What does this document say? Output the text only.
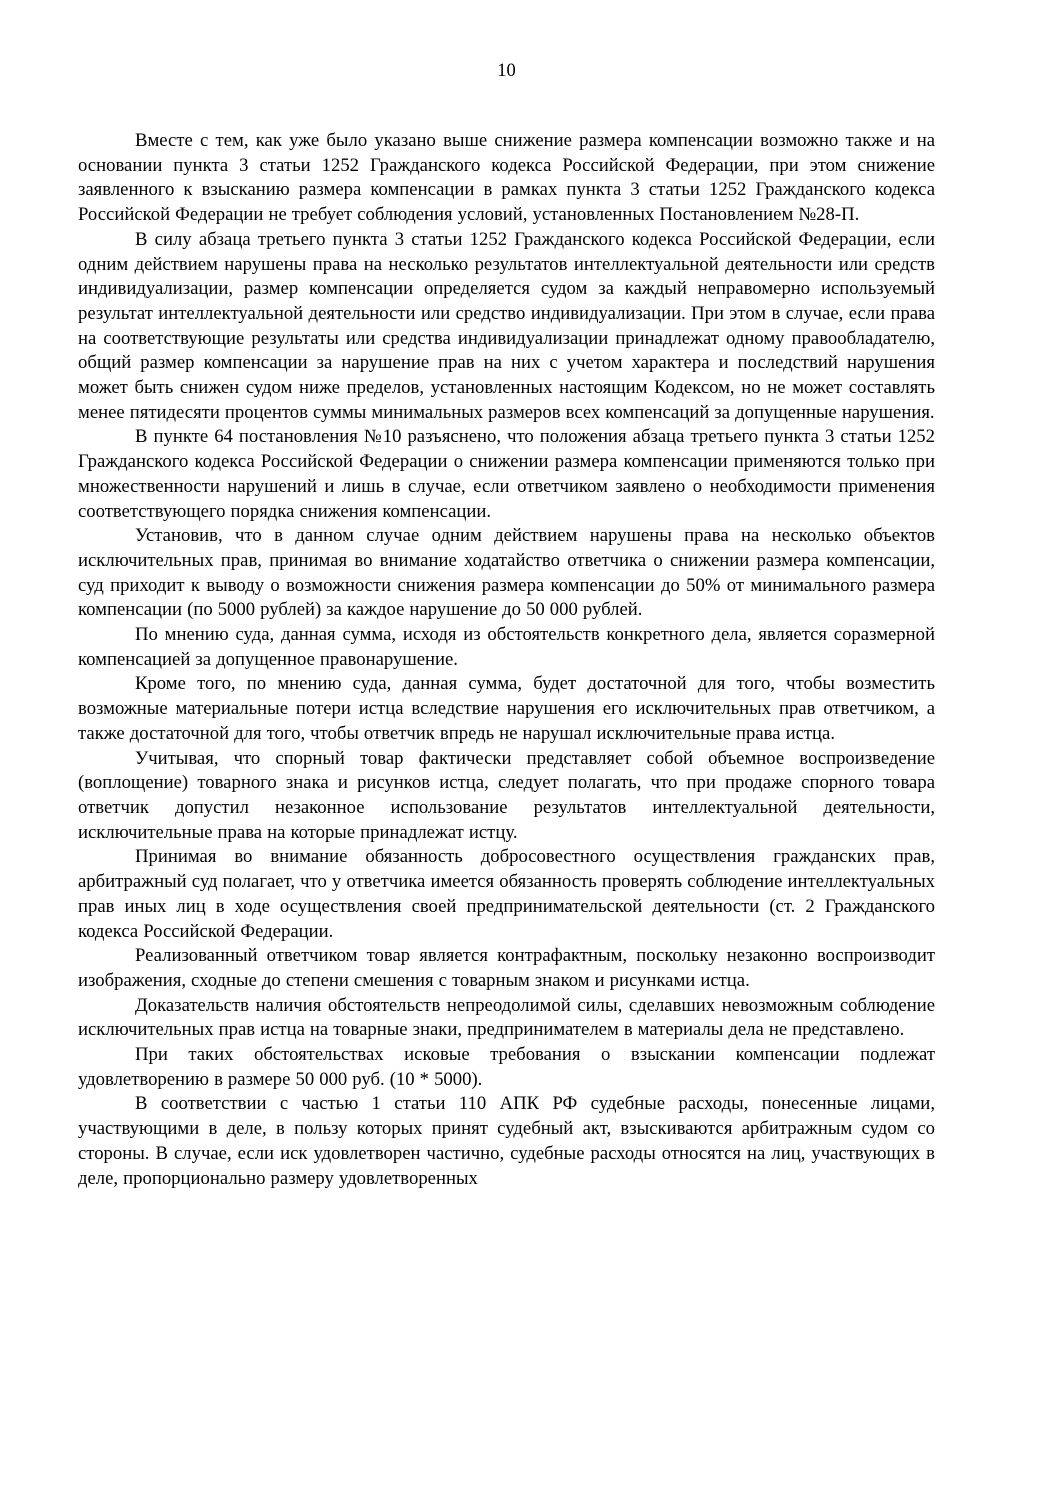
10

Вместе с тем, как уже было указано выше снижение размера компенсации возможно также и на основании пункта 3 статьи 1252 Гражданского кодекса Российской Федерации, при этом снижение заявленного к взысканию размера компенсации в рамках пункта 3 статьи 1252 Гражданского кодекса Российской Федерации не требует соблюдения условий, установленных Постановлением №28-П.

В силу абзаца третьего пункта 3 статьи 1252 Гражданского кодекса Российской Федерации, если одним действием нарушены права на несколько результатов интеллектуальной деятельности или средств индивидуализации, размер компенсации определяется судом за каждый неправомерно используемый результат интеллектуальной деятельности или средство индивидуализации. При этом в случае, если права на соответствующие результаты или средства индивидуализации принадлежат одному правообладателю, общий размер компенсации за нарушение прав на них с учетом характера и последствий нарушения может быть снижен судом ниже пределов, установленных настоящим Кодексом, но не может составлять менее пятидесяти процентов суммы минимальных размеров всех компенсаций за допущенные нарушения.

В пункте 64 постановления №10 разъяснено, что положения абзаца третьего пункта 3 статьи 1252 Гражданского кодекса Российской Федерации о снижении размера компенсации применяются только при множественности нарушений и лишь в случае, если ответчиком заявлено о необходимости применения соответствующего порядка снижения компенсации.

Установив, что в данном случае одним действием нарушены права на несколько объектов исключительных прав, принимая во внимание ходатайство ответчика о снижении размера компенсации, суд приходит к выводу о возможности снижения размера компенсации до 50% от минимального размера компенсации (по 5000 рублей) за каждое нарушение до 50 000 рублей.

По мнению суда, данная сумма, исходя из обстоятельств конкретного дела, является соразмерной компенсацией за допущенное правонарушение.

Кроме того, по мнению суда, данная сумма, будет достаточной для того, чтобы возместить возможные материальные потери истца вследствие нарушения его исключительных прав ответчиком, а также достаточной для того, чтобы ответчик впредь не нарушал исключительные права истца.

Учитывая, что спорный товар фактически представляет собой объемное воспроизведение (воплощение) товарного знака и рисунков истца, следует полагать, что при продаже спорного товара ответчик допустил незаконное использование результатов интеллектуальной деятельности, исключительные права на которые принадлежат истцу.

Принимая во внимание обязанность добросовестного осуществления гражданских прав, арбитражный суд полагает, что у ответчика имеется обязанность проверять соблюдение интеллектуальных прав иных лиц в ходе осуществления своей предпринимательской деятельности (ст. 2 Гражданского кодекса Российской Федерации.

Реализованный ответчиком товар является контрафактным, поскольку незаконно воспроизводит изображения, сходные до степени смешения с товарным знаком и рисунками истца.

Доказательств наличия обстоятельств непреодолимой силы, сделавших невозможным соблюдение исключительных прав истца на товарные знаки, предпринимателем в материалы дела не представлено.

При таких обстоятельствах исковые требования о взыскании компенсации подлежат удовлетворению в размере 50 000 руб. (10 * 5000).

В соответствии с частью 1 статьи 110 АПК РФ судебные расходы, понесенные лицами, участвующими в деле, в пользу которых принят судебный акт, взыскиваются арбитражным судом со стороны. В случае, если иск удовлетворен частично, судебные расходы относятся на лиц, участвующих в деле, пропорционально размеру удовлетворенных
